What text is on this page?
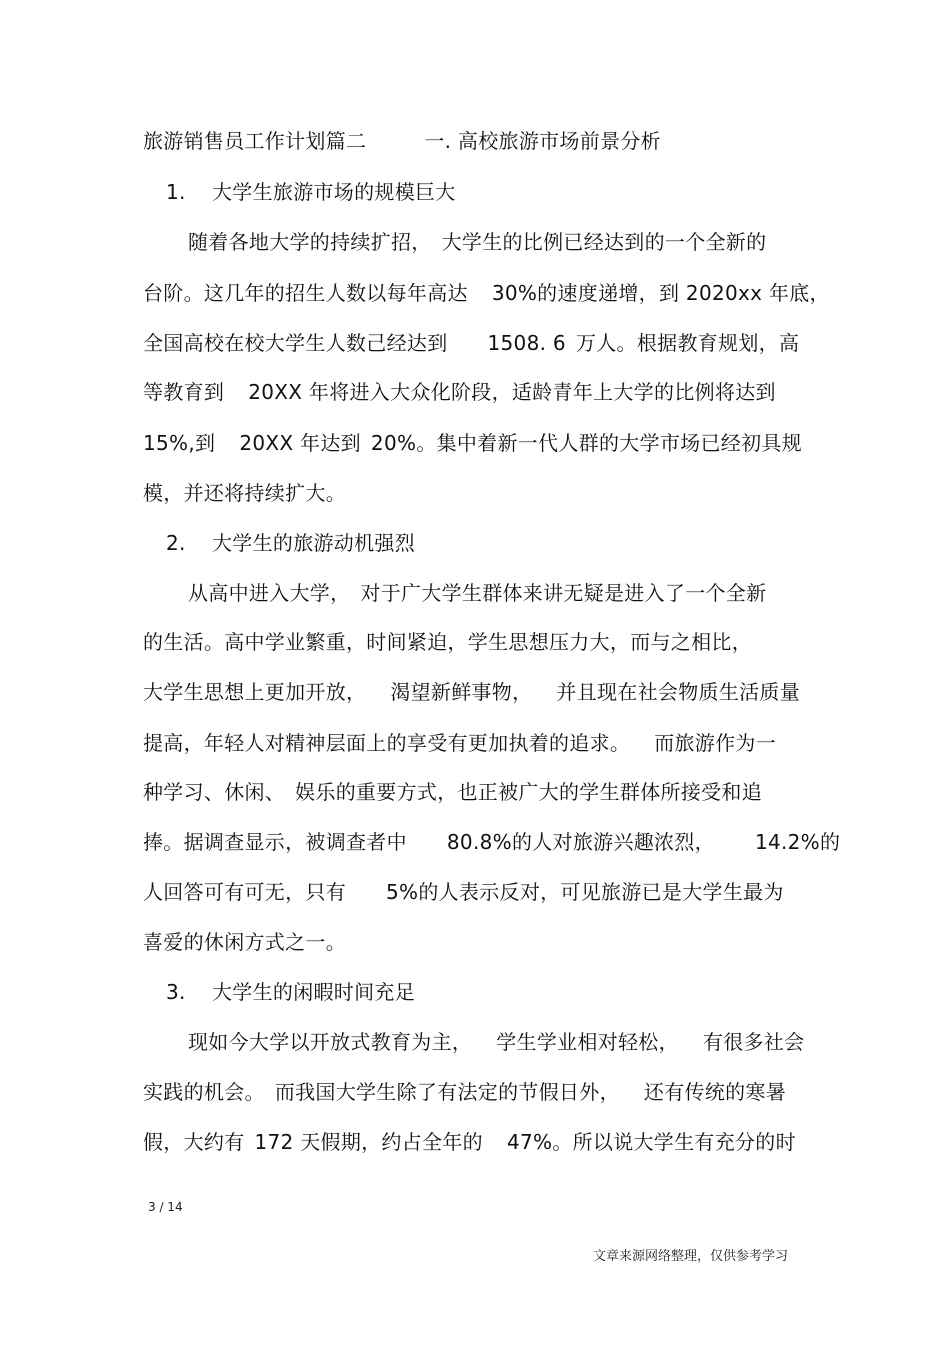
旅游销售员工作计划篇二	一. 高校旅游市场前景分析
1. 大学生旅游市场的规模巨大
随着各地大学的持续扩招， 大学生的比例已经达到的一个全新的
台阶。这几年的招生人数以每年高达 30%的速度递增，到 2020xx 年底，
全国高校在校大学生人数己经达到 1508. 6 万人。根据教育规划，高
等教育到 20XX 年将进入大众化阶段，适龄青年上大学的比例将达到
15%,到 20XX 年达到 20%。集中着新一代人群的大学市场已经初具规
模，并还将持续扩大。
2. 大学生的旅游动机强烈
从高中进入大学， 对于广大学生群体来讲无疑是进入了一个全新
的生活。高中学业繁重，时间紧迫，学生思想压力大，而与之相比，
大学生思想上更加开放， 渴望新鲜事物， 并且现在社会物质生活质量
提高，年轻人对精神层面上的享受有更加执着的追求。 而旅游作为一
种学习、休闲、 娱乐的重要方式，也正被广大的学生群体所接受和追
捧。据调查显示，被调查者中 80.8%的人对旅游兴趣浓烈， 14.2%的
人回答可有可无，只有 5%的人表示反对，可见旅游已是大学生最为
喜爱的休闲方式之一。
3. 大学生的闲暇时间充足
现如今大学以开放式教育为主， 学生学业相对轻松， 有很多社会
实践的机会。 而我国大学生除了有法定的节假日外， 还有传统的寒暑
假，大约有 172 天假期，约占全年的 47%。所以说大学生有充分的时
3 / 14
文章来源网络整理，仅供参考学习
